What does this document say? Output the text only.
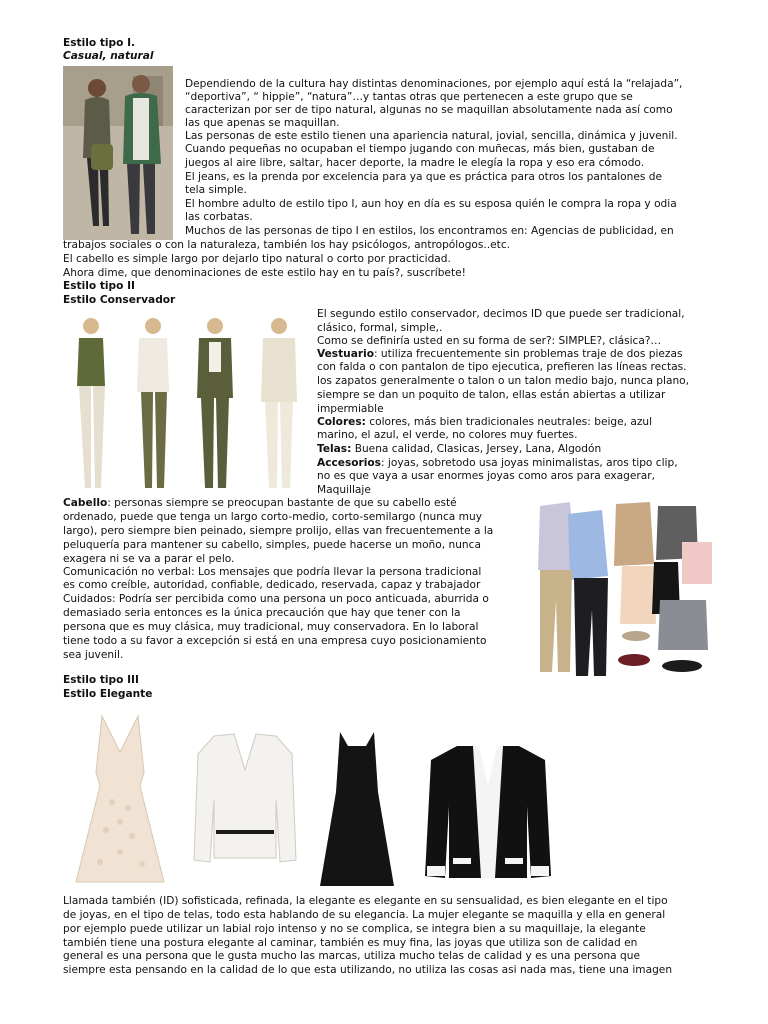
Estilo tipo I.
Casual, natural
Dependiendo de la cultura hay distintas denominaciones, por ejemplo aquí está la “relajada”,
“deportiva”, “ hippie”, “natura”…y tantas otras que pertenecen a este grupo que se
caracterizan por ser de tipo natural, algunas no se maquillan absolutamente nada así como
las que apenas se maquillan.
Las personas de este estilo tienen una apariencia natural, jovial, sencilla, dinámica y juvenil.
Cuando pequeñas no ocupaban el tiempo jugando con muñecas, más bien, gustaban de
juegos al aire libre, saltar, hacer deporte, la madre le elegía la ropa y eso era cómodo.
El jeans, es la prenda por excelencia para ya que es práctica para otros los pantalones de
tela simple.
El hombre adulto de estilo tipo I, aun hoy en día es su esposa quién le compra la ropa y odia
las corbatas.
Muchos de las personas de tipo I en estilos, los encontramos en: Agencias de publicidad, en
trabajos sociales o con la naturaleza, también los hay psicólogos, antropólogos..etc.
El cabello es simple largo por dejarlo tipo natural o corto por practicidad.
Ahora dime, que denominaciones de este estilo hay en tu país?, suscríbete!
Estilo tipo II
Estilo Conservador
El segundo estilo conservador, decimos ID que puede ser tradicional,
clásico, formal, simple,.
Como se definiría usted en su forma de ser?: SIMPLE?, clásica?…
Vestuario: utiliza frecuentemente sin problemas traje de dos piezas
con falda o con pantalon de tipo ejecutica, prefieren las líneas rectas.
los zapatos generalmente o talon o un talon medio bajo, nunca plano,
siempre se dan un poquito de talon, ellas están abiertas a utilizar
impermiable
Colores: colores, más bien tradicionales neutrales: beige, azul
marino, el azul, el verde, no colores muy fuertes.
Telas: Buena calidad, Clasicas, Jersey, Lana, Algodón
Accesorios: joyas, sobretodo usa joyas minimalistas, aros tipo clip,
no es que vaya a usar enormes joyas como aros para exagerar,
Maquillaje
Cabello: personas siempre se preocupan bastante de que su cabello esté
ordenado, puede que tenga un largo corto-medio, corto-semilargo (nunca muy
largo), pero siempre bien peinado, siempre prolijo, ellas van frecuentemente a la
peluquería para mantener su cabello, simples, puede hacerse un moño, nunca
exagera ni se va a parar el pelo.
Comunicación no verbal: Los mensajes que podría llevar la persona tradicional
es como creíble, autoridad, confiable, dedicado, reservada, capaz y trabajador
Cuidados: Podría ser percibida como una persona un poco anticuada, aburrida o
demasiado seria entonces es la única precaución que hay que tener con la
persona que es muy clásica, muy tradicional, muy conservadora. En lo laboral
tiene todo a su favor a excepción si está en una empresa cuyo posicionamiento
sea juvenil.
Estilo tipo III
Estilo Elegante
Llamada también (ID) sofisticada, refinada, la elegante es elegante en su sensualidad, es bien elegante en el tipo
de joyas, en el tipo de telas, todo esta hablando de su elegancia. La mujer elegante se maquilla y ella en general
por ejemplo puede utilizar un labial rojo intenso y no se complica, se integra bien a su maquillaje, la elegante
también tiene una postura elegante al caminar, también es muy fina, las joyas que utiliza son de calidad en
general es una persona que le gusta mucho las marcas, utiliza mucho telas de calidad y es una persona que
siempre esta pensando en la calidad de lo que esta utilizando, no utiliza las cosas asi nada mas, tiene una imagen
